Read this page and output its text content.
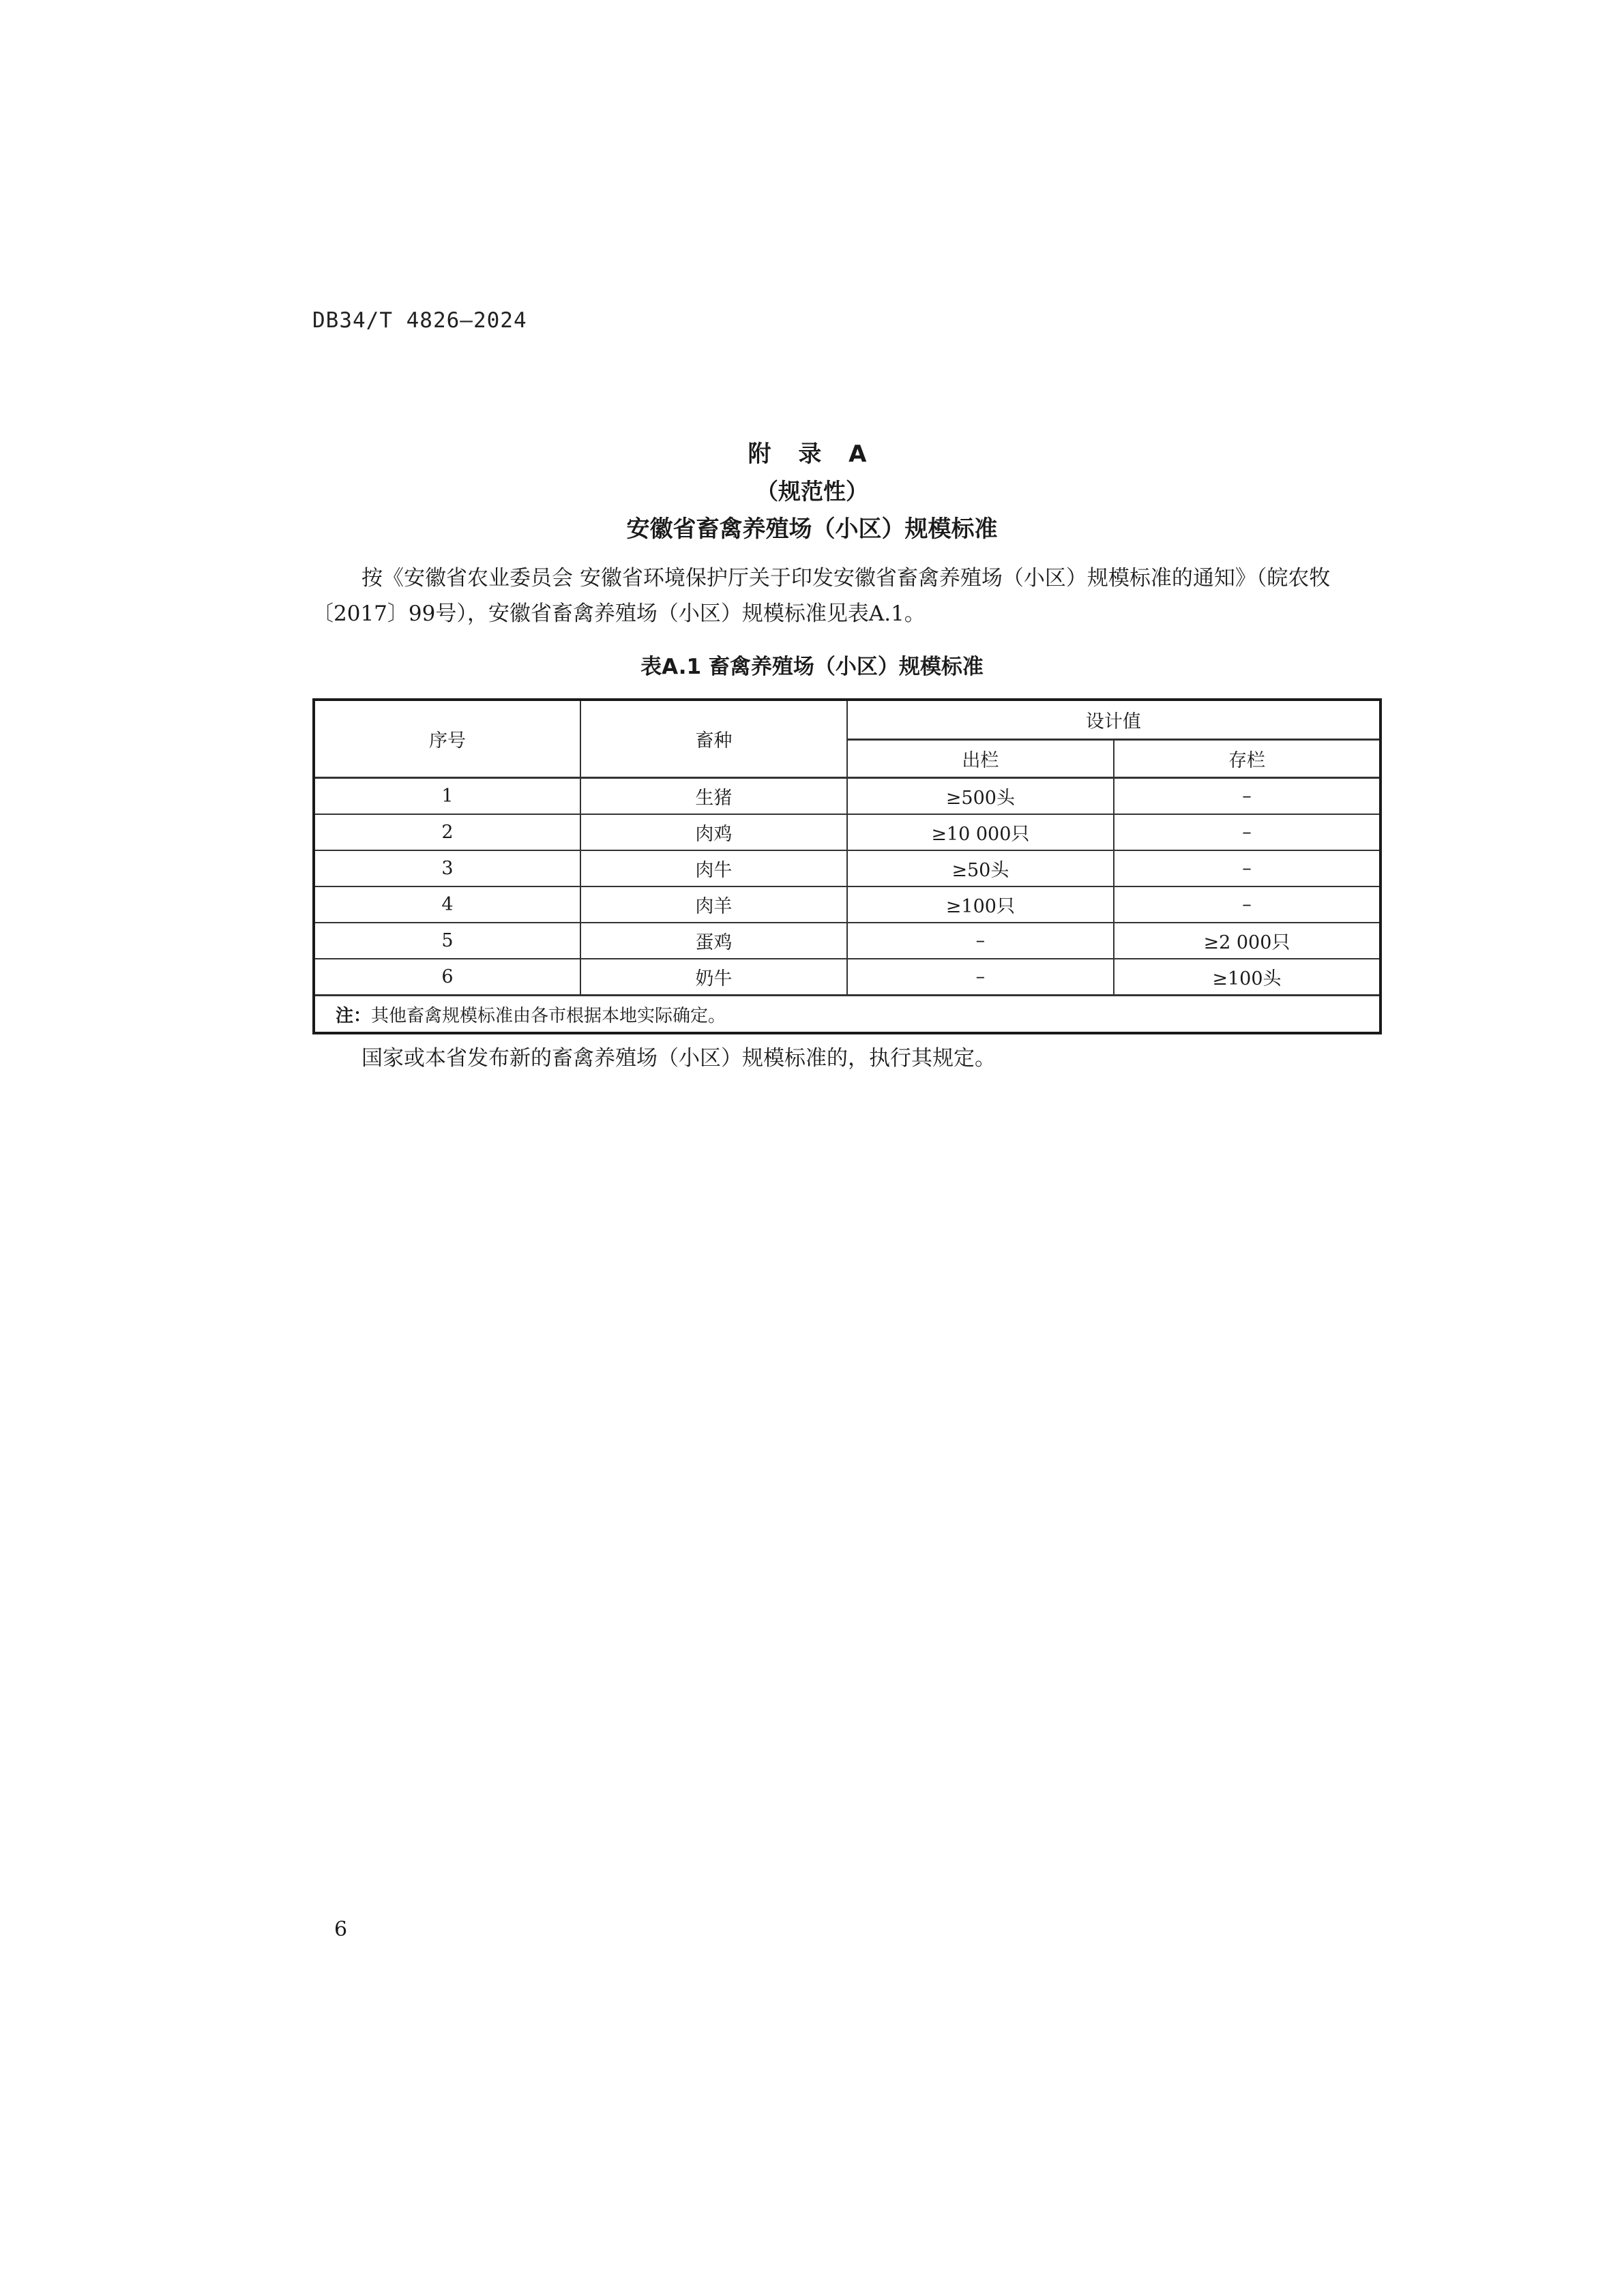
DB34/T 4826—2024
附 录 A
（规范性）
安徽省畜禽养殖场（小区）规模标准

按《安徽省农业委员会 安徽省环境保护厅关于印发安徽省畜禽养殖场（小区）规模标准的通知》（皖农牧〔2017〕99号），安徽省畜禽养殖场（小区）规模标准见表A.1。

表A.1 畜禽养殖场（小区）规模标准
序号	畜种	设计值	
		出栏	存栏
1	生猪	≥500头	–
2	肉鸡	≥10 000只	–
3	肉牛	≥50头	–
4	肉羊	≥100只	–
5	蛋鸡	–	≥2 000只
6	奶牛	–	≥100头
注：其他畜禽规模标准由各市根据本地实际确定。			

国家或本省发布新的畜禽养殖场（小区）规模标准的，执行其规定。

6
